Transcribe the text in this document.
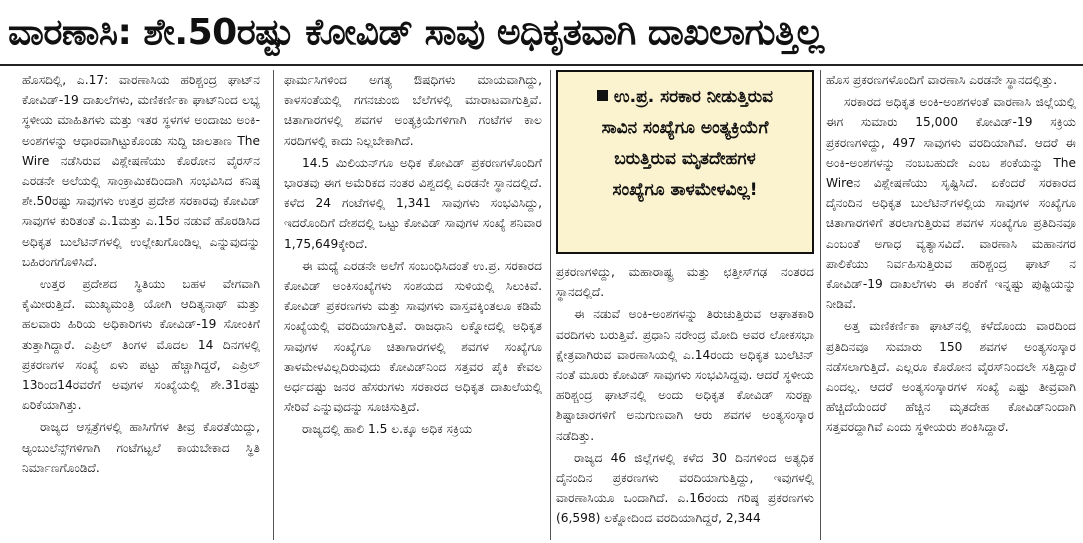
ವಾರಣಾಸಿ: ಶೇ.50ರಷ್ಟು ಕೋವಿಡ್ ಸಾವು ಅಧಿಕೃತವಾಗಿ ದಾಖಲಾಗುತ್ತಿಲ್ಲ

ಹೊಸದಿಲ್ಲಿ, ಎ.17: ವಾರಣಾಸಿಯ ಹರಿಶ್ಚಂದ್ರ ಘಾಟ್‌ನ ಕೋವಿಡ್-19 ದಾಖಲೆಗಳು, ಮಣಿಕರ್ಣಿಕಾ ಘಾಟ್‌ನಿಂದ ಲಭ್ಯ ಸ್ಥಳೀಯ ಮಾಹಿತಿಗಳು ಮತ್ತು ಇತರ ಸ್ಥಳಗಳ ಅಂದಾಜು ಅಂಕಿ-ಅಂಶಗಳನ್ನು ಆಧಾರವಾಗಿಟ್ಟುಕೊಂಡು ಸುದ್ದಿ ಜಾಲತಾಣ The Wire ನಡೆಸಿರುವ ವಿಶ್ಲೇಷಣೆಯು ಕೊರೋನ ವೈರಸ್‌ನ ಎರಡನೇ ಅಲೆಯಲ್ಲಿ ಸಾಂಕ್ರಾಮಿಕದಿಂದಾಗಿ ಸಂಭವಿಸಿದ ಕನಿಷ್ಠ ಶೇ.50ರಷ್ಟು ಸಾವುಗಳು ಉತ್ತರ ಪ್ರದೇಶ ಸರಕಾರವು ಕೋವಿಡ್ ಸಾವುಗಳ ಕುರಿತಂತೆ ಎ.1ಮತ್ತು ಎ.15ರ ನಡುವೆ ಹೊರಡಿಸಿದ ಅಧಿಕೃತ ಬುಲೆಟಿನ್‌ಗಳಲ್ಲಿ ಉಲ್ಲೇಖಗೊಂಡಿಲ್ಲ ಎನ್ನುವುದನ್ನು ಬಹಿರಂಗಗೊಳಿಸಿದೆ.

ಉತ್ತರ ಪ್ರದೇಶದ ಸ್ಥಿತಿಯು ಬಹಳ ವೇಗವಾಗಿ ಕೈಮೀರುತ್ತಿದೆ. ಮುಖ್ಯಮಂತ್ರಿ ಯೋಗಿ ಆದಿತ್ಯನಾಥ್ ಮತ್ತು ಹಲವಾರು ಹಿರಿಯ ಅಧಿಕಾರಿಗಳು ಕೋವಿಡ್-19 ಸೋಂಕಿಗೆ ತುತ್ತಾಗಿದ್ದಾರೆ. ಎಪ್ರಿಲ್ ತಿಂಗಳ ಮೊದಲ 14 ದಿನಗಳಲ್ಲಿ ಪ್ರಕರಣಗಳ ಸಂಖ್ಯೆ ಏಳು ಪಟ್ಟು ಹೆಚ್ಚಾಗಿದ್ದರೆ, ಎಪ್ರಿಲ್ 13ರಿಂದ14ರವರೆಗೆ ಅವುಗಳ ಸಂಖ್ಯೆಯಲ್ಲಿ ಶೇ.31ರಷ್ಟು ಏರಿಕೆಯಾಗಿತ್ತು.

ರಾಜ್ಯದ ಆಸ್ಪತ್ರೆಗಳಲ್ಲಿ ಹಾಸಿಗೆಗಳ ತೀವ್ರ ಕೊರತೆಯಿದ್ದು, ಆ್ಯಂಬುಲೆನ್ಸ್‌ಗಳಿಗಾಗಿ ಗಂಟೆಗಟ್ಟಲೆ ಕಾಯಬೇಕಾದ ಸ್ಥಿತಿ ನಿರ್ಮಾಣಗೊಂಡಿದೆ.

ಫಾರ್ಮಸಿಗಳಿಂದ ಅಗತ್ಯ ಔಷಧಿಗಳು ಮಾಯವಾಗಿದ್ದು, ಕಾಳಸಂತೆಯಲ್ಲಿ ಗಗನಚುಂಬಿ ಬೆಲೆಗಳಲ್ಲಿ ಮಾರಾಟವಾಗುತ್ತಿವೆ. ಚಿತಾಗಾರಗಳಲ್ಲಿ ಶವಗಳ ಅಂತ್ಯಕ್ರಿಯೆಗಳಿಗಾಗಿ ಗಂಟೆಗಳ ಕಾಲ ಸರದಿಗಳಲ್ಲಿ ಕಾದು ನಿಲ್ಲಬೇಕಾಗಿದೆ.

14.5 ಮಿಲಿಯನ್‌ಗೂ ಅಧಿಕ ಕೋವಿಡ್ ಪ್ರಕರಣಗಳೊಂದಿಗೆ ಭಾರತವು ಈಗ ಅಮೆರಿಕದ ನಂತರ ವಿಶ್ವದಲ್ಲಿ ಎರಡನೇ ಸ್ಥಾನದಲ್ಲಿದೆ. ಕಳೆದ 24 ಗಂಟೆಗಳಲ್ಲಿ 1,341 ಸಾವುಗಳು ಸಂಭವಿಸಿದ್ದು, ಇದರೊಂದಿಗೆ ದೇಶದಲ್ಲಿ ಒಟ್ಟು ಕೋವಿಡ್ ಸಾವುಗಳ ಸಂಖ್ಯೆ ಶನಿವಾರ 1,75,649ಕ್ಕೇರಿದೆ.

ಈ ಮಧ್ಯೆ ಎರಡನೇ ಅಲೆಗೆ ಸಂಬಂಧಿಸಿದಂತೆ ಉ.ಪ್ರ. ಸರಕಾರದ ಕೋವಿಡ್ ಅಂಕಿಸಂಖ್ಯೆಗಳು ಸಂಶಯದ ಸುಳಿಯಲ್ಲಿ ಸಿಲುಕಿವೆ. ಕೋವಿಡ್ ಪ್ರಕರಣಗಳು ಮತ್ತು ಸಾವುಗಳು ವಾಸ್ತವಕ್ಕಿಂತಲೂ ಕಡಿಮೆ ಸಂಖ್ಯೆಯಲ್ಲಿ ವರದಿಯಾಗುತ್ತಿವೆ. ರಾಜಧಾನಿ ಲಕ್ನೋದಲ್ಲಿ ಅಧಿಕೃತ ಸಾವುಗಳ ಸಂಖ್ಯೆಗೂ ಚಿತಾಗಾರಗಳಲ್ಲಿ ಶವಗಳ ಸಂಖ್ಯೆಗೂ ತಾಳಮೇಳವಿಲ್ಲದಿರುವುದು ಕೋವಿಡ್‌ನಿಂದ ಸತ್ತವರ ಪೈಕಿ ಕೇವಲ ಅರ್ಧದಷ್ಟು ಜನರ ಹೆಸರುಗಳು ಸರಕಾರದ ಅಧಿಕೃತ ದಾಖಲೆಯಲ್ಲಿ ಸೇರಿವೆ ಎನ್ನುವುದನ್ನು ಸೂಚಿಸುತ್ತಿದೆ.

ರಾಜ್ಯದಲ್ಲಿ ಹಾಲಿ 1.5 ಲ.ಕ್ಕೂ ಅಧಿಕ ಸಕ್ರಿಯ

ಉ.ಪ್ರ. ಸರಕಾರ ನೀಡುತ್ತಿರುವ
ಸಾವಿನ ಸಂಖ್ಯೆಗೂ ಅಂತ್ಯಕ್ರಿಯೆಗೆ
ಬರುತ್ತಿರುವ ಮೃತದೇಹಗಳ
ಸಂಖ್ಯೆಗೂ ತಾಳಮೇಳವಿಲ್ಲ!

ಪ್ರಕರಣಗಳಿದ್ದು, ಮಹಾರಾಷ್ಟ್ರ ಮತ್ತು ಛತ್ತೀಸ್‌ಗಢ ನಂತರದ ಸ್ಥಾನದಲ್ಲಿದೆ.

ಈ ನಡುವೆ ಅಂಕಿ-ಅಂಶಗಳನ್ನು ತಿರುಚುತ್ತಿರುವ ಆಘಾತಕಾರಿ ವರದಿಗಳು ಬರುತ್ತಿವೆ. ಪ್ರಧಾನಿ ನರೇಂದ್ರ ಮೋದಿ ಅವರ ಲೋಕಸಭಾ ಕ್ಷೇತ್ರವಾಗಿರುವ ವಾರಣಾಸಿಯಲ್ಲಿ ಎ.14ರಂದು ಅಧಿಕೃತ ಬುಲೆಟಿನ್ ನಂತೆ ಮೂರು ಕೋವಿಡ್ ಸಾವುಗಳು ಸಂಭವಿಸಿದ್ದವು. ಆದರೆ ಸ್ಥಳೀಯ ಹರಿಶ್ಚಂದ್ರ ಘಾಟ್‌ನಲ್ಲಿ ಅಂದು ಅಧಿಕೃತ ಕೋವಿಡ್ ಸುರಕ್ಷಾ ಶಿಷ್ಟಾಚಾರಗಳಿಗೆ ಅನುಗುಣವಾಗಿ ಆರು ಶವಗಳ ಅಂತ್ಯಸಂಸ್ಕಾರ ನಡೆದಿತ್ತು.

ರಾಜ್ಯದ 46 ಜಿಲ್ಲೆಗಳಲ್ಲಿ ಕಳೆದ 30 ದಿನಗಳಿಂದ ಅತ್ಯಧಿಕ ದೈನಂದಿನ ಪ್ರಕರಣಗಳು ವರದಿಯಾಗುತ್ತಿದ್ದು, ಇವುಗಳಲ್ಲಿ ವಾರಣಾಸಿಯೂ ಒಂದಾಗಿದೆ. ಎ.16ರಂದು ಗರಿಷ್ಠ ಪ್ರಕರಣಗಳು (6,598) ಲಕ್ನೋದಿಂದ ವರದಿಯಾಗಿದ್ದರೆ, 2,344

ಹೊಸ ಪ್ರಕರಣಗಳೊಂದಿಗೆ ವಾರಣಾಸಿ ಎರಡನೇ ಸ್ಥಾನದಲ್ಲಿತ್ತು.

ಸರಕಾರದ ಅಧಿಕೃತ ಅಂಕಿ-ಅಂಶಗಳಂತೆ ವಾರಣಾಸಿ ಜಿಲ್ಲೆಯಲ್ಲಿ ಈಗ ಸುಮಾರು 15,000 ಕೋವಿಡ್-19 ಸಕ್ರಿಯ ಪ್ರಕರಣಗಳಿದ್ದು, 497 ಸಾವುಗಳು ವರದಿಯಾಗಿವೆ. ಆದರೆ ಈ ಅಂಕಿ-ಅಂಶಗಳನ್ನು ನಂಬಬಹುದೇ ಎಂಬ ಶಂಕೆಯನ್ನು The Wireನ ವಿಶ್ಲೇಷಣೆಯು ಸೃಷ್ಟಿಸಿದೆ. ಏಕೆಂದರೆ ಸರಕಾರದ ದೈನಂದಿನ ಅಧಿಕೃತ ಬುಲೆಟಿನ್‌ಗಳಲ್ಲಿಯ ಸಾವುಗಳ ಸಂಖ್ಯೆಗೂ ಚಿತಾಗಾರಗಳಿಗೆ ತರಲಾಗುತ್ತಿರುವ ಶವಗಳ ಸಂಖ್ಯೆಗೂ ಪ್ರತಿದಿನವೂ ಎಂಬಂತೆ ಅಗಾಧ ವ್ಯತ್ಯಾಸವಿದೆ. ವಾರಣಾಸಿ ಮಹಾನಗರ ಪಾಲಿಕೆಯು ನಿರ್ವಹಿಸುತ್ತಿರುವ ಹರಿಶ್ಚಂದ್ರ ಘಾಟ್ ನ ಕೋವಿಡ್-19 ದಾಖಲೆಗಳು ಈ ಶಂಕೆಗೆ ಇನ್ನಷ್ಟು ಪುಷ್ಟಿಯನ್ನು ನೀಡಿವೆ.

ಅತ್ತ ಮಣಿಕರ್ಣಿಕಾ ಘಾಟ್‌ನಲ್ಲಿ ಕಳೆದೊಂದು ವಾರದಿಂದ ಪ್ರತಿದಿನವೂ ಸುಮಾರು 150 ಶವಗಳ ಅಂತ್ಯಸಂಸ್ಕಾರ ನಡೆಸಲಾಗುತ್ತಿದೆ. ಎಲ್ಲರೂ ಕೊರೋನ ವೈರಸ್‌ನಿಂದಲೇ ಸತ್ತಿದ್ದಾರೆ ಎಂದಲ್ಲ. ಆದರೆ ಅಂತ್ಯಸಂಸ್ಕಾರಗಳ ಸಂಖ್ಯೆ ಎಷ್ಟು ತೀವ್ರವಾಗಿ ಹೆಚ್ಚಿದೆಯೆಂದರೆ ಹೆಚ್ಚಿನ ಮೃತದೇಹ ಕೋವಿಡ್‌ನಿಂದಾಗಿ ಸತ್ತವರದ್ದಾಗಿವೆ ಎಂದು ಸ್ಥಳೀಯರು ಶಂಕಿಸಿದ್ದಾರೆ.
